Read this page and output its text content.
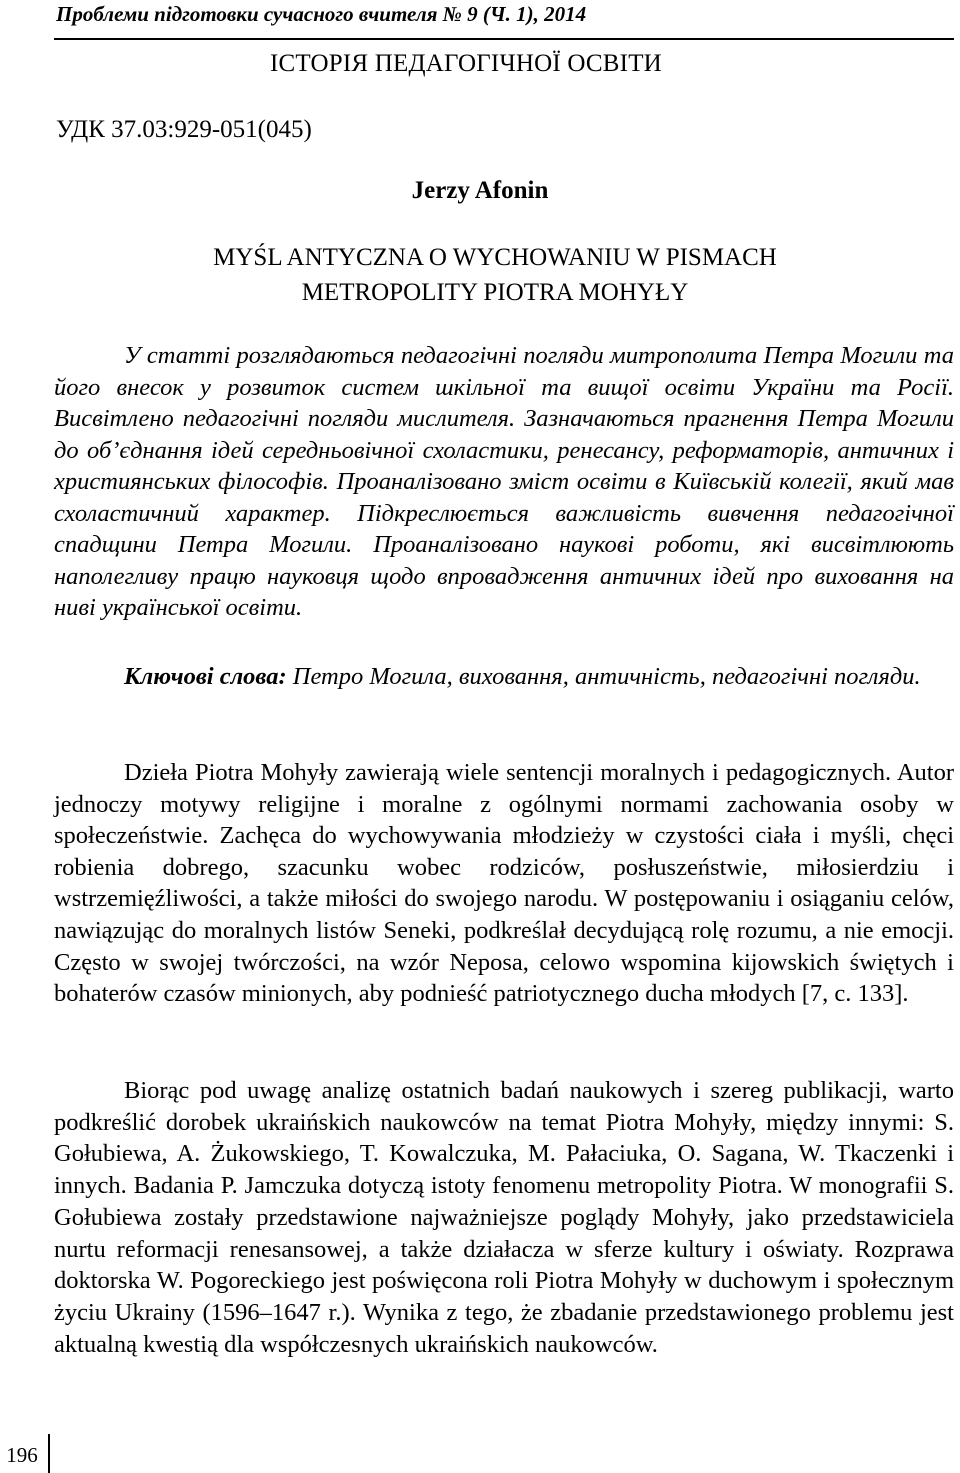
Проблеми підготовки сучасного вчителя № 9 (Ч. 1), 2014
ІСТОРІЯ ПЕДАГОГІЧНОЇ ОСВІТИ
УДК 37.03:929-051(045)
Jerzy Afonin
MYŚL ANTYCZNA O WYCHOWANIU W PISMACH
METROPOLITY PIOTRA MOHYŁY
У статті розглядаються педагогічні погляди митрополита Петра Могили та його внесок у розвиток систем шкільної та вищої освіти України та Росії. Висвітлено педагогічні погляди мислителя. Зазначаються прагнення Петра Могили до об’єднання ідей середньовічної схоластики, ренесансу, реформаторів, античних і християнських філософів. Проаналізовано зміст освіти в Київській колегії, який мав схоластичний характер. Підкреслюється важливість вивчення педагогічної спадщини Петра Могили. Проаналізовано наукові роботи, які висвітлюють наполегливу працю науковця щодо впровадження античних ідей про виховання на ниві української освіти.
Ключові слова: Петро Могила, виховання, античність, педагогічні погляди.
Dzieła Piotra Mohyły zawierają wiele sentencji moralnych i pedagogicznych. Autor jednoczy motywy religijne i moralne z ogólnymi normami zachowania osoby w społeczeństwie. Zachęca do wychowywania młodzieży w czystości ciała i myśli, chęci robienia dobrego, szacunku wobec rodziców, posłuszeństwie, miłosierdziu i wstrzemięźliwości, a także miłości do swojego narodu. W postępowaniu i osiąganiu celów, nawiązując do moralnych listów Seneki, podkreślał decydującą rolę rozumu, a nie emocji. Często w swojej twórczości, na wzór Neposa, celowo wspomina kijowskich świętych i bohaterów czasów minionych, aby podnieść patriotycznego ducha młodych [7, c. 133].
Biorąc pod uwagę analizę ostatnich badań naukowych i szereg publikacji, warto podkreślić dorobek ukraińskich naukowców na temat Piotra Mohyły, między innymi: S. Gołubiewa, A. Żukowskiego, T. Kowalczuka, M. Pałaciuka, O. Sagana, W. Tkaczenki i innych. Badania P. Jamczuka dotyczą istoty fenomenu metropolity Piotra. W monografii S. Gołubiewa zostały przedstawione najważniejsze poglądy Mohyły, jako przedstawiciela nurtu reformacji renesansowej, a także działacza w sferze kultury i oświaty. Rozprawa doktorska W. Pogoreckiego jest poświęcona roli Piotra Mohyły w duchowym i społecznym życiu Ukrainy (1596–1647 r.). Wynika z tego, że zbadanie przedstawionego problemu jest aktualną kwestią dla współczesnych ukraińskich naukowców.
196
